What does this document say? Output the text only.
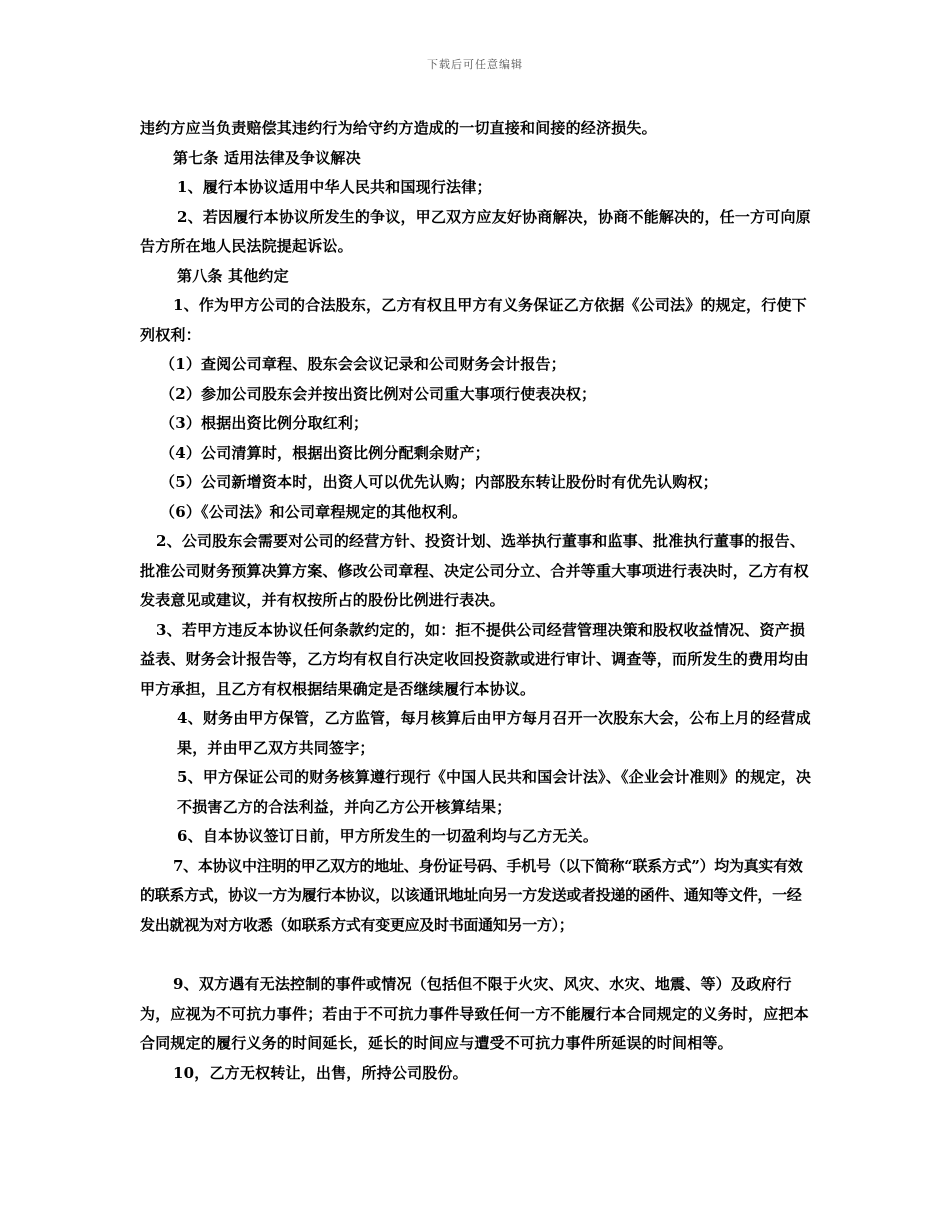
下载后可任意编辑

违约方应当负责赔偿其违约行为给守约方造成的一切直接和间接的经济损失。

第七条 适用法律及争议解决

1、履行本协议适用中华人民共和国现行法律；

2、若因履行本协议所发生的争议，甲乙双方应友好协商解决，协商不能解决的，任一方可向原告方所在地人民法院提起诉讼。

第八条 其他约定

1、作为甲方公司的合法股东，乙方有权且甲方有义务保证乙方依据《公司法》的规定，行使下列权利：

（1）查阅公司章程、股东会会议记录和公司财务会计报告；

（2）参加公司股东会并按出资比例对公司重大事项行使表决权；

（3）根据出资比例分取红利；

（4）公司清算时，根据出资比例分配剩余财产；

（5）公司新增资本时，出资人可以优先认购；内部股东转让股份时有优先认购权；

（6）《公司法》和公司章程规定的其他权利。

2、公司股东会需要对公司的经营方针、投资计划、选举执行董事和监事、批准执行董事的报告、批准公司财务预算决算方案、修改公司章程、决定公司分立、合并等重大事项进行表决时，乙方有权发表意见或建议，并有权按所占的股份比例进行表决。

3、若甲方违反本协议任何条款约定的，如：拒不提供公司经营管理决策和股权收益情况、资产损益表、财务会计报告等，乙方均有权自行决定收回投资款或进行审计、调查等，而所发生的费用均由甲方承担，且乙方有权根据结果确定是否继续履行本协议。

4、财务由甲方保管，乙方监管，每月核算后由甲方每月召开一次股东大会，公布上月的经营成果，并由甲乙双方共同签字；

5、甲方保证公司的财务核算遵行现行《中国人民共和国会计法》、《企业会计准则》的规定，决不损害乙方的合法利益，并向乙方公开核算结果；

6、自本协议签订日前，甲方所发生的一切盈利均与乙方无关。

7、本协议中注明的甲乙双方的地址、身份证号码、手机号（以下简称“联系方式”）均为真实有效的联系方式，协议一方为履行本协议，以该通讯地址向另一方发送或者投递的函件、通知等文件，一经发出就视为对方收悉（如联系方式有变更应及时书面通知另一方）；

9、双方遇有无法控制的事件或情况（包括但不限于火灾、风灾、水灾、地震、等）及政府行为，应视为不可抗力事件；若由于不可抗力事件导致任何一方不能履行本合同规定的义务时，应把本合同规定的履行义务的时间延长，延长的时间应与遭受不可抗力事件所延误的时间相等。

10，乙方无权转让，出售，所持公司股份。
